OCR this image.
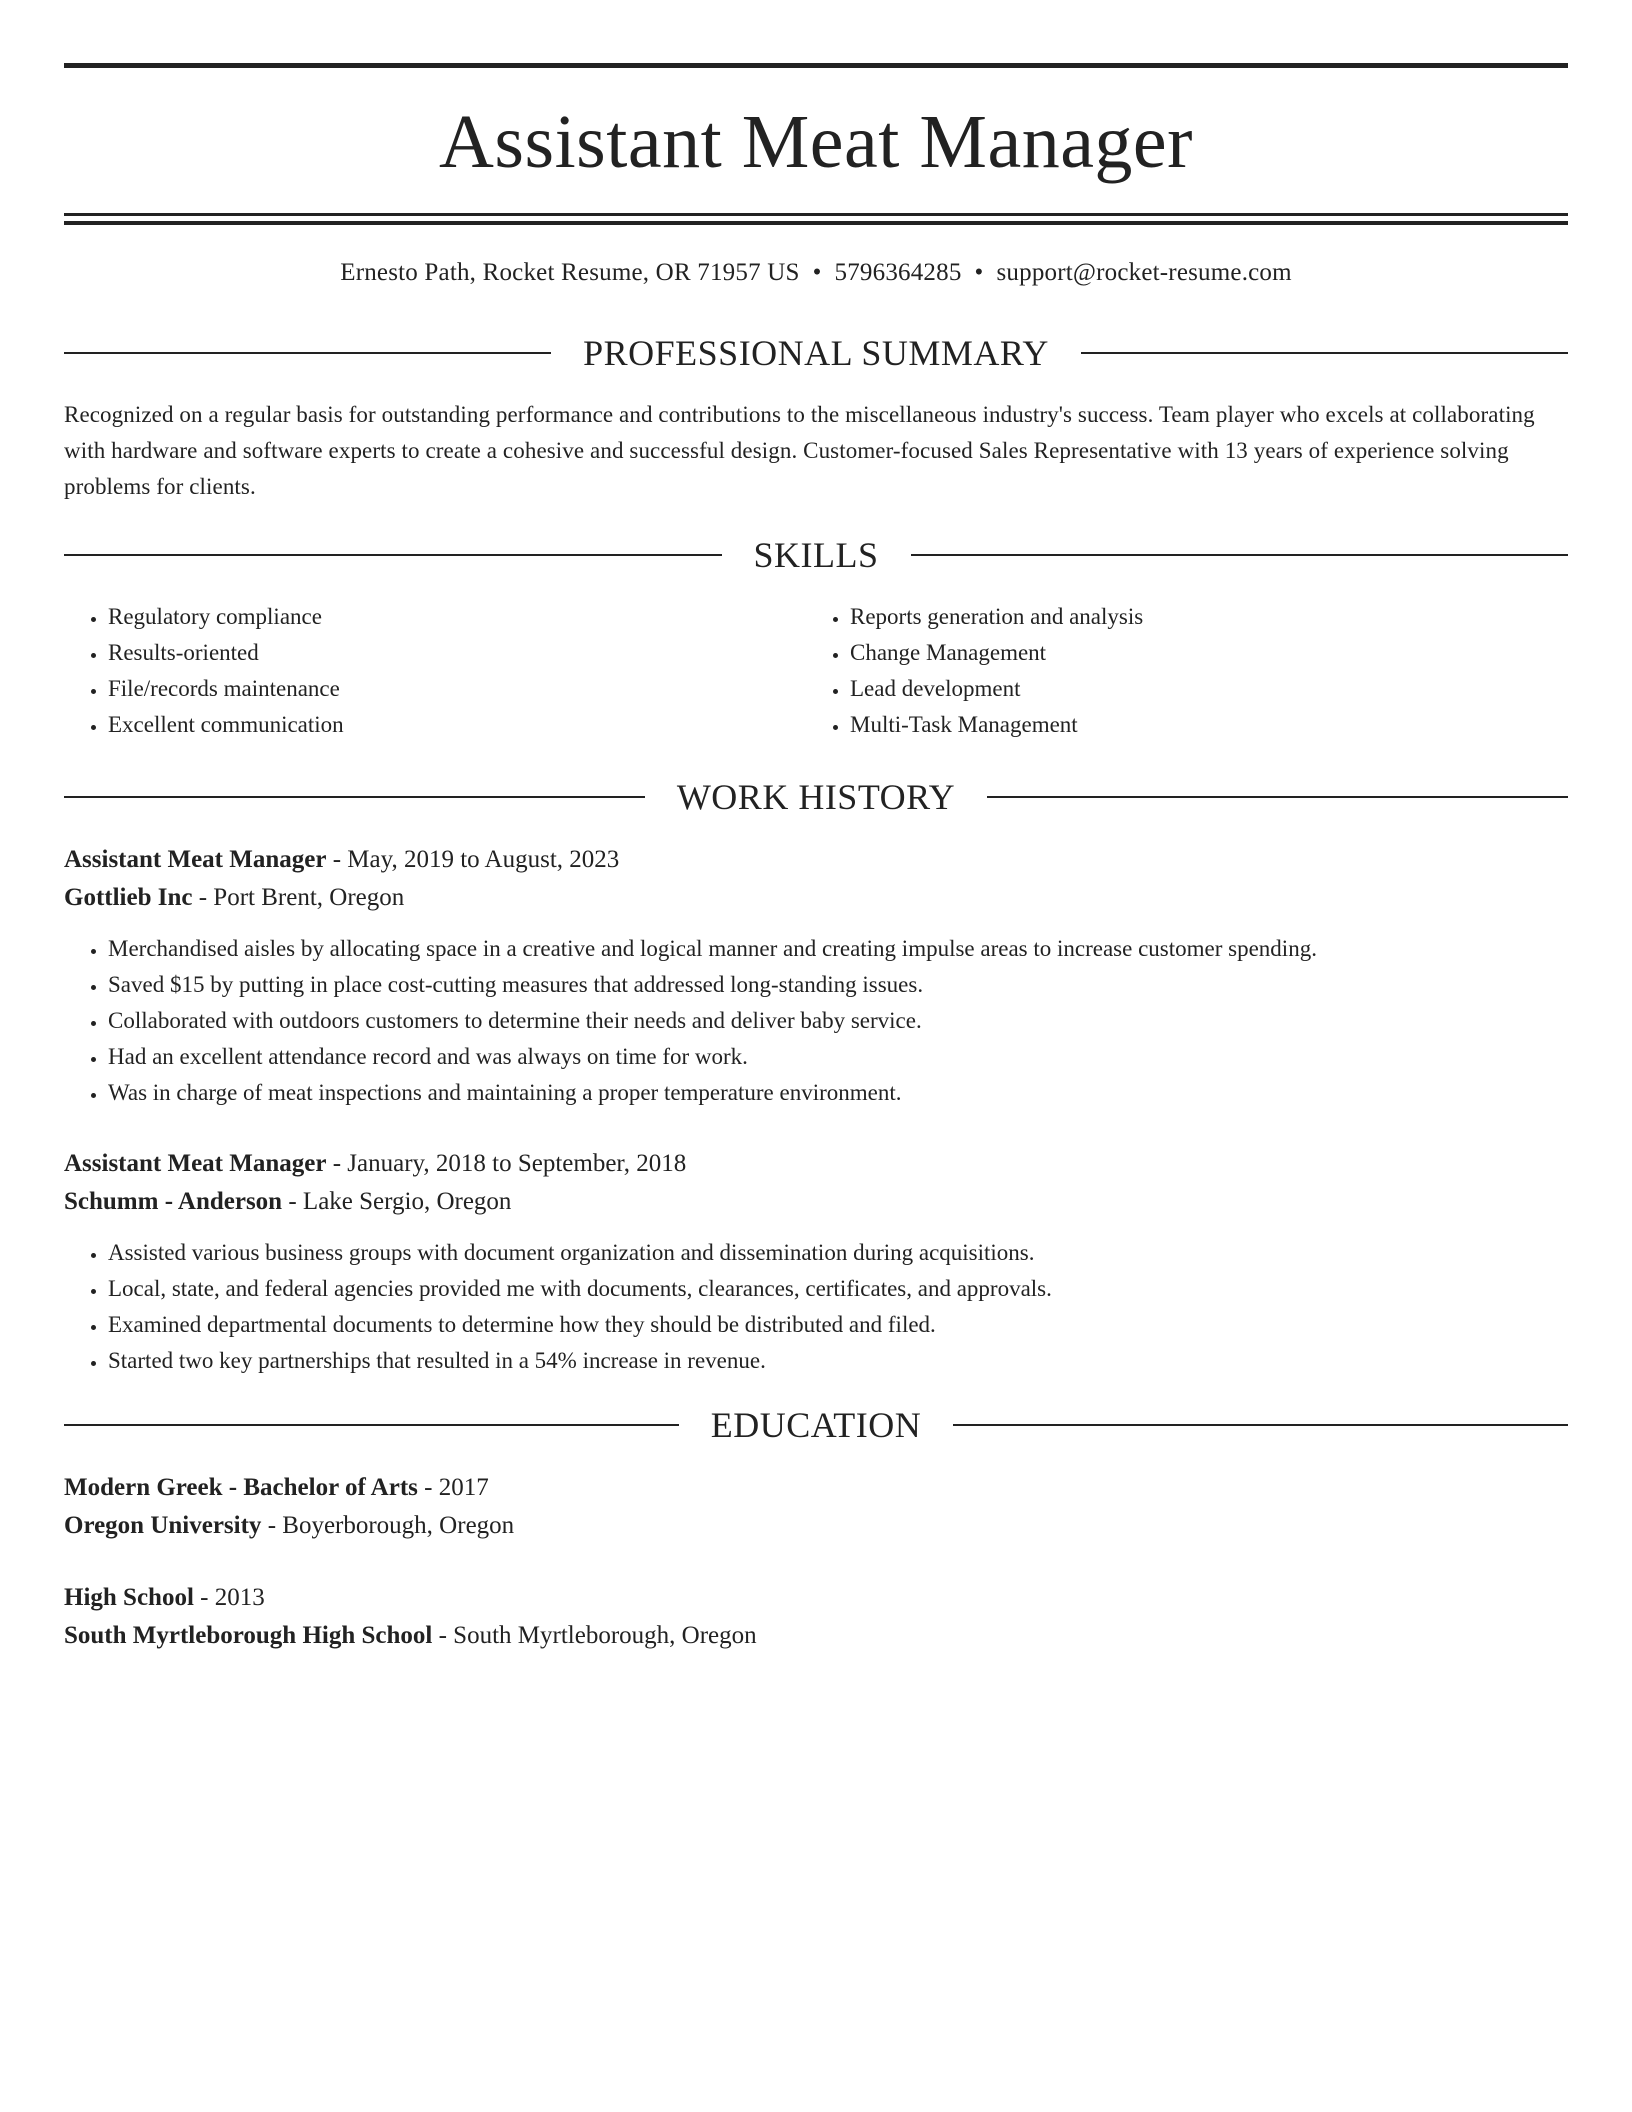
Assistant Meat Manager
Ernesto Path, Rocket Resume, OR 71957 US • 5796364285 • support@rocket-resume.com
PROFESSIONAL SUMMARY
Recognized on a regular basis for outstanding performance and contributions to the miscellaneous industry's success. Team player who excels at collaborating with hardware and software experts to create a cohesive and successful design. Customer-focused Sales Representative with 13 years of experience solving problems for clients.
SKILLS
• Regulatory compliance
• Results-oriented
• File/records maintenance
• Excellent communication
• Reports generation and analysis
• Change Management
• Lead development
• Multi-Task Management
WORK HISTORY
Assistant Meat Manager - May, 2019 to August, 2023
Gottlieb Inc - Port Brent, Oregon
• Merchandised aisles by allocating space in a creative and logical manner and creating impulse areas to increase customer spending.
• Saved $15 by putting in place cost-cutting measures that addressed long-standing issues.
• Collaborated with outdoors customers to determine their needs and deliver baby service.
• Had an excellent attendance record and was always on time for work.
• Was in charge of meat inspections and maintaining a proper temperature environment.
Assistant Meat Manager - January, 2018 to September, 2018
Schumm - Anderson - Lake Sergio, Oregon
• Assisted various business groups with document organization and dissemination during acquisitions.
• Local, state, and federal agencies provided me with documents, clearances, certificates, and approvals.
• Examined departmental documents to determine how they should be distributed and filed.
• Started two key partnerships that resulted in a 54% increase in revenue.
EDUCATION
Modern Greek - Bachelor of Arts - 2017
Oregon University - Boyerborough, Oregon
High School - 2013
South Myrtleborough High School - South Myrtleborough, Oregon
